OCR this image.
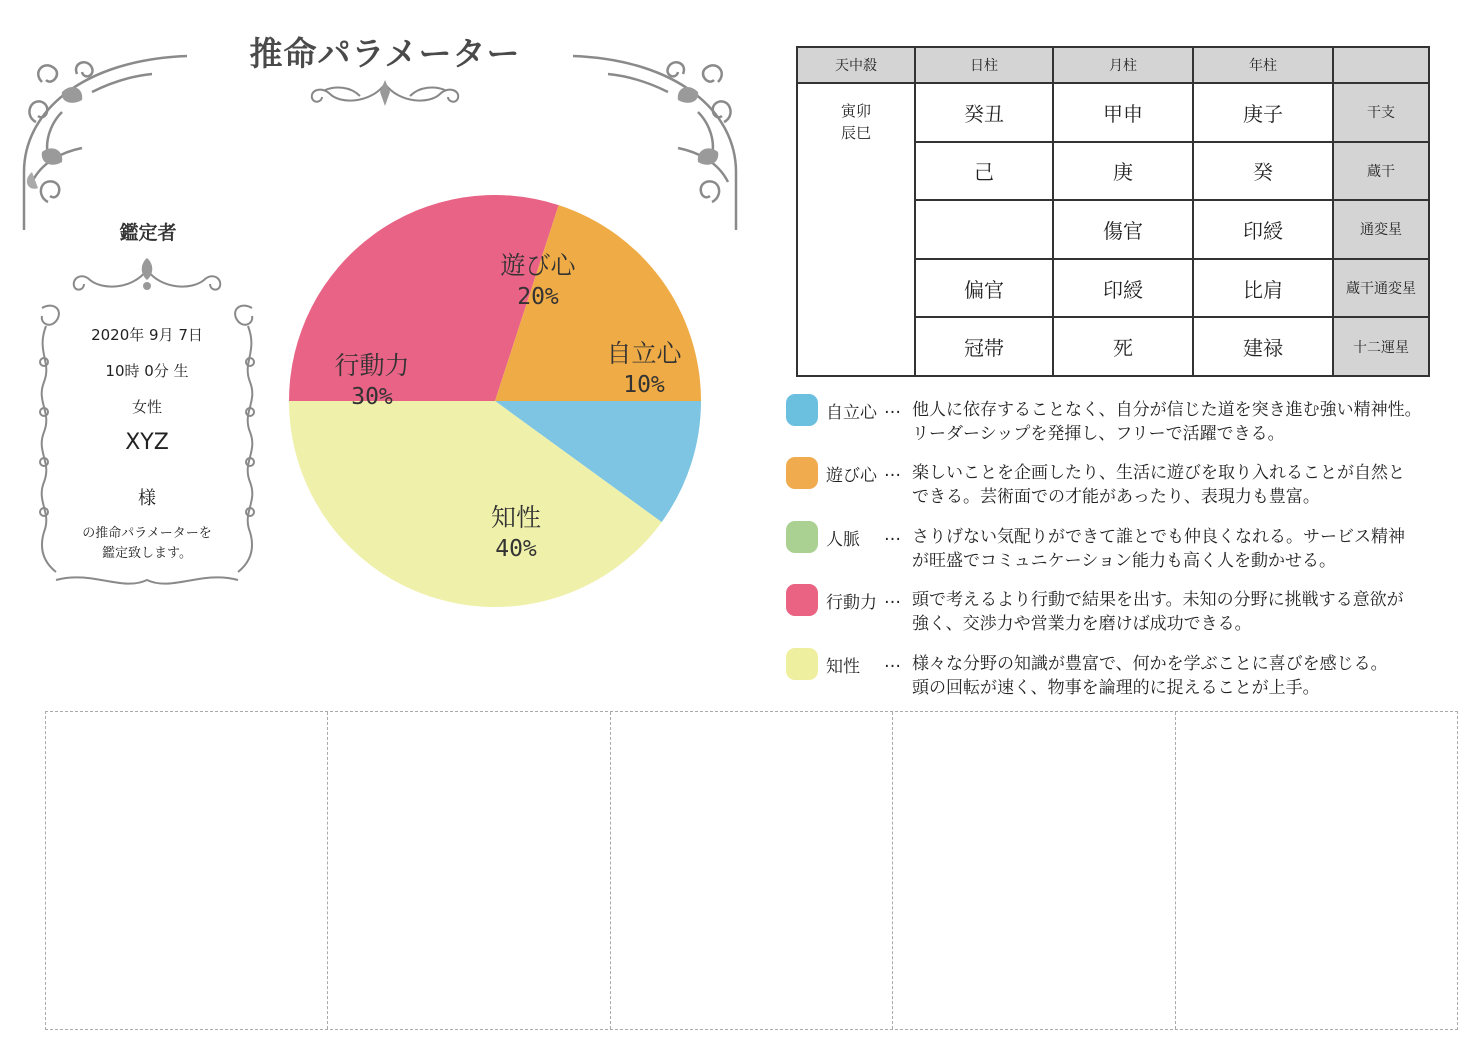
推命パラメーター
鑑定者
2020年 9月 7日
10時 0分 生
女性
XYZ
様
の推命パラメーターを
鑑定致します。
自立心
10%
知性
40%
行動力
30%
遊び心
20%
天中殺	日柱	月柱	年柱	

寅卯
辰巳	癸丑	甲申	庚子	干支
	己	庚	癸	蔵干
		傷官	印綬	通変星
	偏官	印綬	比肩	蔵干通変星
	冠帯	死	建禄	十二運星
自立心 … 他人に依存することなく、自分が信じた道を突き進む強い精神性。
リーダーシップを発揮し、フリーで活躍できる。
遊び心 … 楽しいことを企画したり、生活に遊びを取り入れることが自然と
できる。芸術面での才能があったり、表現力も豊富。
人脈	… さりげない気配りができて誰とでも仲良くなれる。サービス精神
が旺盛でコミュニケーション能力も高く人を動かせる。
行動力 … 頭で考えるより行動で結果を出す。未知の分野に挑戦する意欲が
強く、交渉力や営業力を磨けば成功できる。
知性	… 様々な分野の知識が豊富で、何かを学ぶことに喜びを感じる。
頭の回転が速く、物事を論理的に捉えることが上手。
